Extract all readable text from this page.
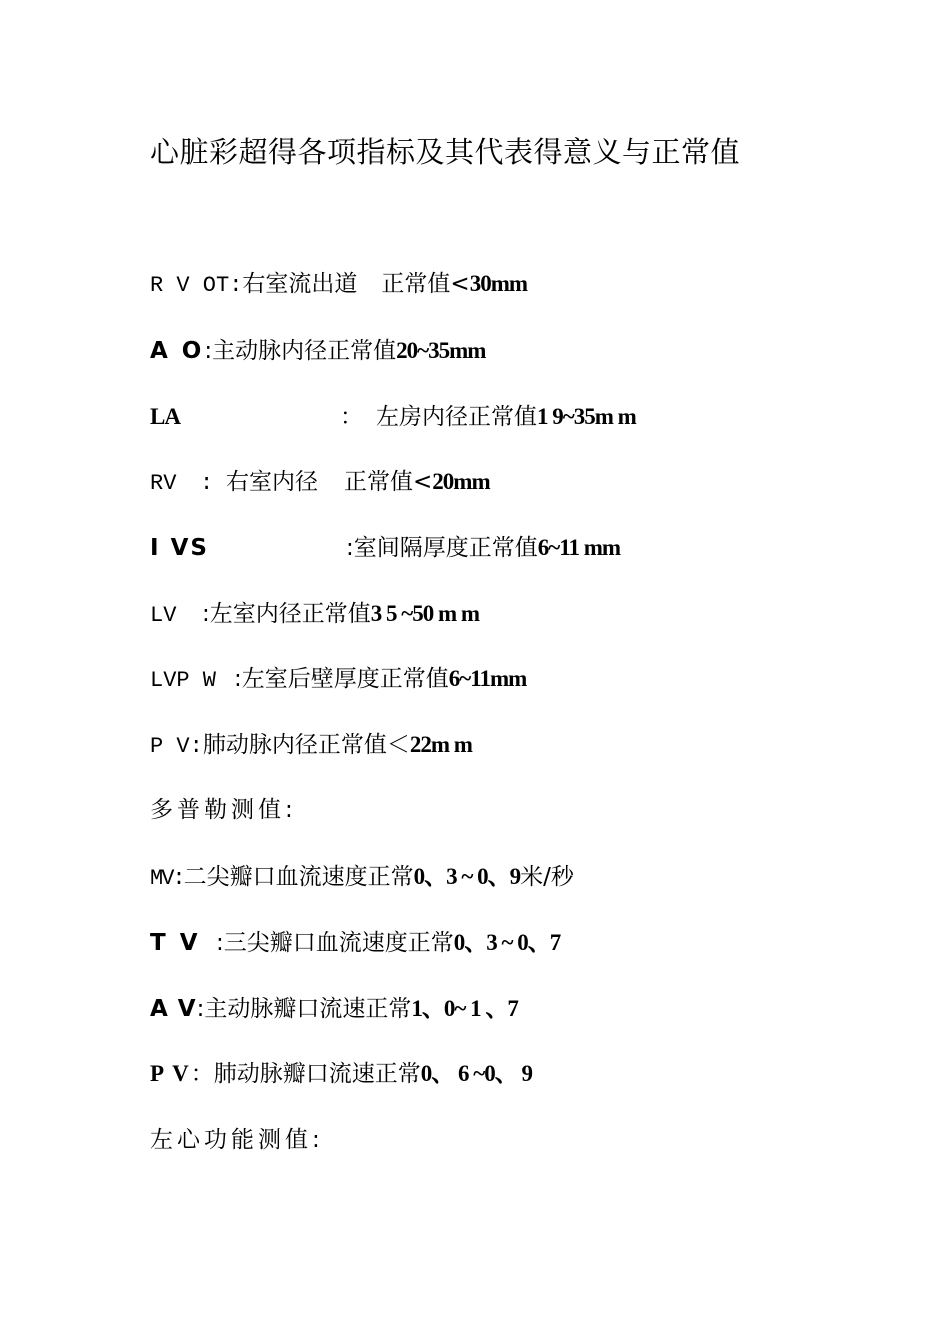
心脏彩超得各项指标及其代表得意义与正常值
R V OT:右室流出道 正常值<30mm
A O:主动脉内径正常值20~35mm
LA	： 左房内径正常值1 9~35m m
RV : 右室内径 正常值<20mm
I VS	:室间隔厚度正常值6~11 mm
LV :左室内径正常值3 5 ~50 m m
LVP W :左室后壁厚度正常值6~11mm
P V:肺动脉内径正常值＜22m m
多普勒测值:
MV:二尖瓣口血流速度正常0、3 ~ 0、9米/秒
T V :三尖瓣口血流速度正常0、3 ~ 0、7
A V:主动脉瓣口流速正常1、0~ 1 、7
P V：肺动脉瓣口流速正常0、 6 ~0、 9
左心功能测值:
